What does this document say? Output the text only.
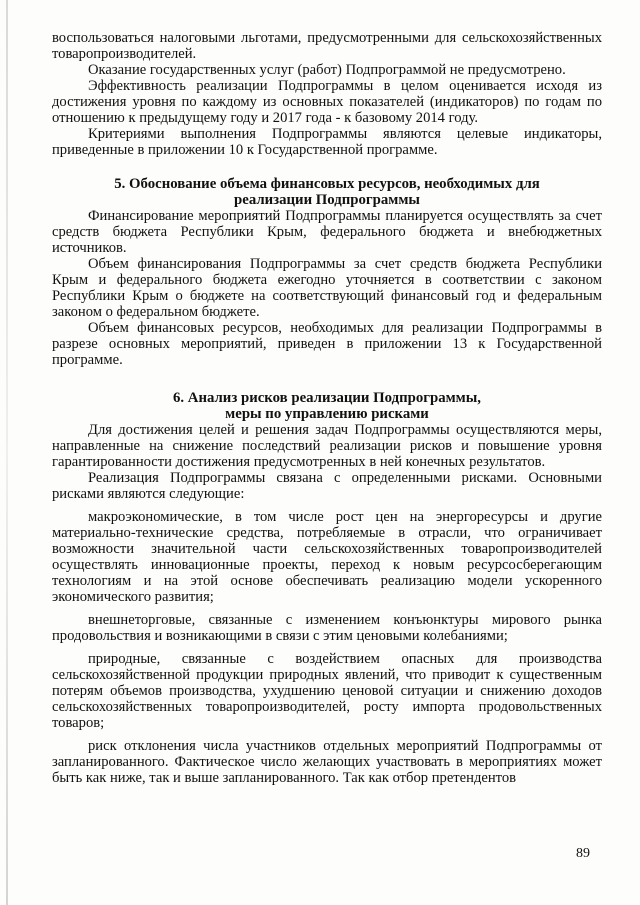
воспользоваться налоговыми льготами, предусмотренными для сельскохозяйственных товаропроизводителей.

Оказание государственных услуг (работ) Подпрограммой не предусмотрено.

Эффективность реализации Подпрограммы в целом оценивается исходя из достижения уровня по каждому из основных показателей (индикаторов) по годам по отношению к предыдущему году и 2017 года - к базовому 2014 году.

Критериями выполнения Подпрограммы являются целевые индикаторы, приведенные в приложении 10 к Государственной программе.

5. Обоснование объема финансовых ресурсов, необходимых для
реализации Подпрограммы

Финансирование мероприятий Подпрограммы планируется осуществлять за счет средств бюджета Республики Крым, федерального бюджета и внебюджетных источников.

Объем финансирования Подпрограммы за счет средств бюджета Республики Крым и федерального бюджета ежегодно уточняется в соответствии с законом Республики Крым о бюджете на соответствующий финансовый год и федеральным законом о федеральном бюджете.

Объем финансовых ресурсов, необходимых для реализации Подпрограммы в разрезе основных мероприятий, приведен в приложении 13 к Государственной программе.

6. Анализ рисков реализации Подпрограммы,
меры по управлению рисками

Для достижения целей и решения задач Подпрограммы осуществляются меры, направленные на снижение последствий реализации рисков и повышение уровня гарантированности достижения предусмотренных в ней конечных результатов.

Реализация Подпрограммы связана с определенными рисками. Основными рисками являются следующие:

макроэкономические, в том числе рост цен на энергоресурсы и другие материально-технические средства, потребляемые в отрасли, что ограничивает возможности значительной части сельскохозяйственных товаропроизводителей осуществлять инновационные проекты, переход к новым ресурсосберегающим технологиям и на этой основе обеспечивать реализацию модели ускоренного экономического развития;

внешнеторговые, связанные с изменением конъюнктуры мирового рынка продовольствия и возникающими в связи с этим ценовыми колебаниями;

природные, связанные с воздействием опасных для производства сельскохозяйственной продукции природных явлений, что приводит к существенным потерям объемов производства, ухудшению ценовой ситуации и снижению доходов сельскохозяйственных товаропроизводителей, росту импорта продовольственных товаров;

риск отклонения числа участников отдельных мероприятий Подпрограммы от запланированного. Фактическое число желающих участвовать в мероприятиях может быть как ниже, так и выше запланированного. Так как отбор претендентов

89
